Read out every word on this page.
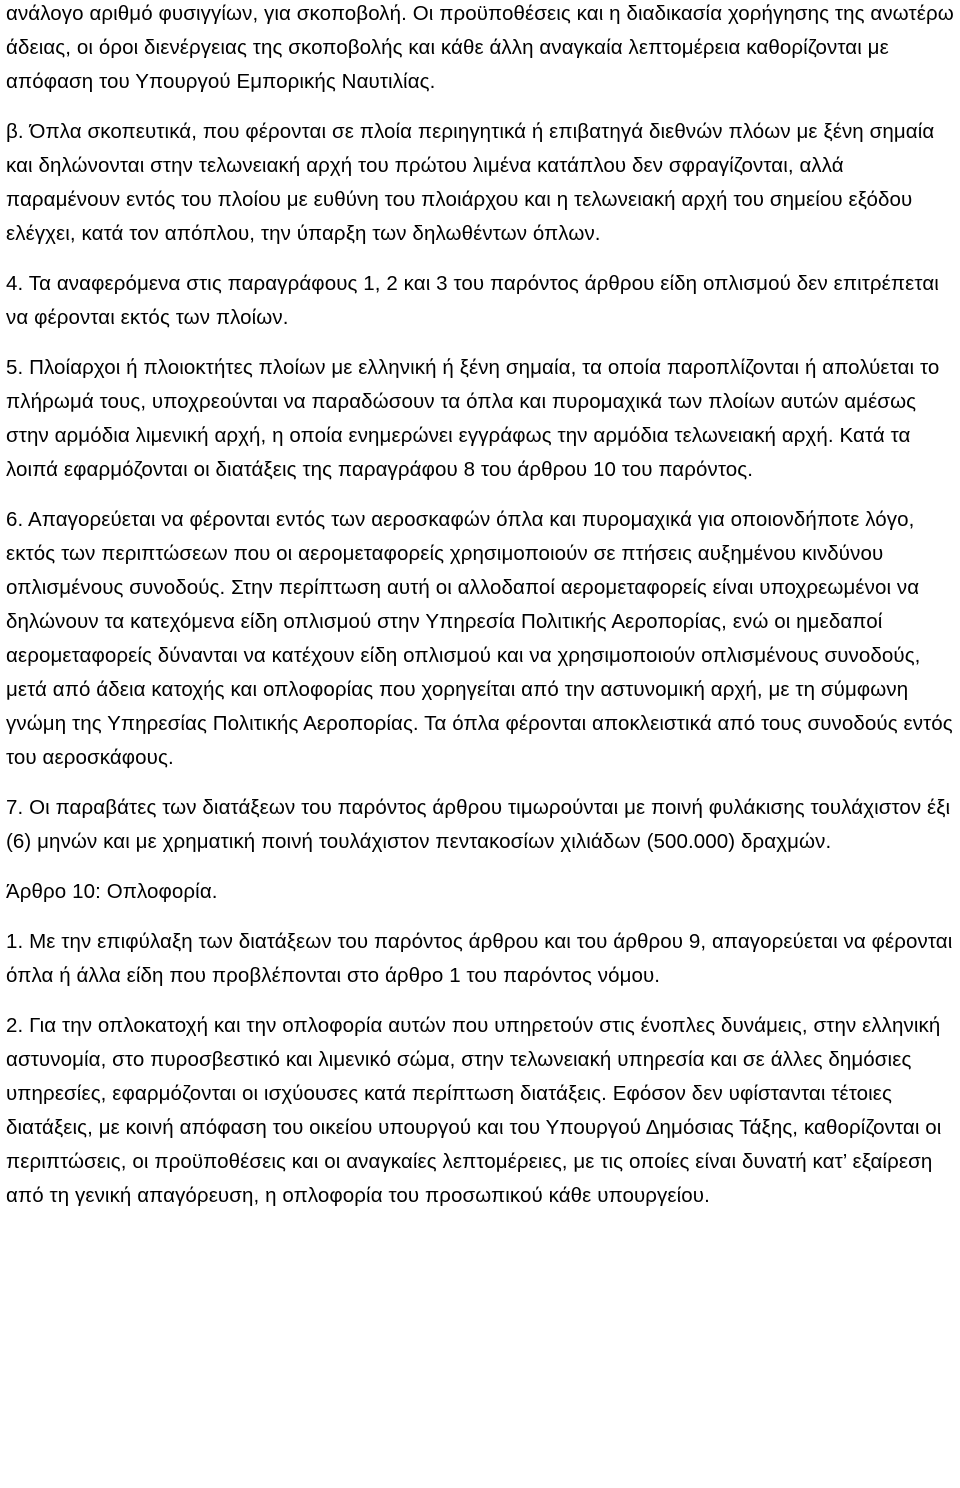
ανάλογο αριθμό φυσιγγίων, για σκοποβολή. Οι προϋποθέσεις και η διαδικασία χορήγησης της ανωτέρω άδειας, οι όροι διενέργειας της σκοποβολής και κάθε άλλη αναγκαία λεπτομέρεια καθορίζονται με απόφαση του Υπουργού Εμπορικής Ναυτιλίας.

β. Όπλα σκοπευτικά, που φέρονται σε πλοία περιηγητικά ή επιβατηγά διεθνών πλόων με ξένη σημαία και δηλώνονται στην τελωνειακή αρχή του πρώτου λιμένα κατάπλου δεν σφραγίζονται, αλλά παραμένουν εντός του πλοίου με ευθύνη του πλοιάρχου και η τελωνειακή αρχή του σημείου εξόδου ελέγχει, κατά τον απόπλου, την ύπαρξη των δηλωθέντων όπλων.

4. Τα αναφερόμενα στις παραγράφους 1, 2 και 3 του παρόντος άρθρου είδη οπλισμού δεν επιτρέπεται να φέρονται εκτός των πλοίων.

5. Πλοίαρχοι ή πλοιοκτήτες πλοίων με ελληνική ή ξένη σημαία, τα οποία παροπλίζονται ή απολύεται το πλήρωμά τους, υποχρεούνται να παραδώσουν τα όπλα και πυρομαχικά των πλοίων αυτών αμέσως στην αρμόδια λιμενική αρχή, η οποία ενημερώνει εγγράφως την αρμόδια τελωνειακή αρχή. Κατά τα λοιπά εφαρμόζονται οι διατάξεις της παραγράφου 8 του άρθρου 10 του παρόντος.

6. Απαγορεύεται να φέρονται εντός των αεροσκαφών όπλα και πυρομαχικά για οποιονδήποτε λόγο, εκτός των περιπτώσεων που οι αερομεταφορείς χρησιμοποιούν σε πτήσεις αυξημένου κινδύνου οπλισμένους συνοδούς. Στην περίπτωση αυτή οι αλλοδαποί αερομεταφορείς είναι υποχρεωμένοι να δηλώνουν τα κατεχόμενα είδη οπλισμού στην Υπηρεσία Πολιτικής Αεροπορίας, ενώ οι ημεδαποί αερομεταφορείς δύνανται να κατέχουν είδη οπλισμού και να χρησιμοποιούν οπλισμένους συνοδούς, μετά από άδεια κατοχής και οπλοφορίας που χορηγείται από την αστυνομική αρχή, με τη σύμφωνη γνώμη της Υπηρεσίας Πολιτικής Αεροπορίας. Τα όπλα φέρονται αποκλειστικά από τους συνοδούς εντός του αεροσκάφους.

7. Οι παραβάτες των διατάξεων του παρόντος άρθρου τιμωρούνται με ποινή φυλάκισης τουλάχιστον έξι (6) μηνών και με χρηματική ποινή τουλάχιστον πεντακοσίων χιλιάδων (500.000) δραχμών.

Άρθρο 10: Οπλοφορία.

1. Με την επιφύλαξη των διατάξεων του παρόντος άρθρου και του άρθρου 9, απαγορεύεται να φέρονται όπλα ή άλλα είδη που προβλέπονται στο άρθρο 1 του παρόντος νόμου.

2. Για την οπλοκατοχή και την οπλοφορία αυτών που υπηρετούν στις ένοπλες δυνάμεις, στην ελληνική αστυνομία, στο πυροσβεστικό και λιμενικό σώμα, στην τελωνειακή υπηρεσία και σε άλλες δημόσιες υπηρεσίες, εφαρμόζονται οι ισχύουσες κατά περίπτωση διατάξεις. Εφόσον δεν υφίστανται τέτοιες διατάξεις, με κοινή απόφαση του οικείου υπουργού και του Υπουργού Δημόσιας Τάξης, καθορίζονται οι περιπτώσεις, οι προϋποθέσεις και οι αναγκαίες λεπτομέρειες, με τις οποίες είναι δυνατή κατ’ εξαίρεση από τη γενική απαγόρευση, η οπλοφορία του προσωπικού κάθε υπουργείου.
